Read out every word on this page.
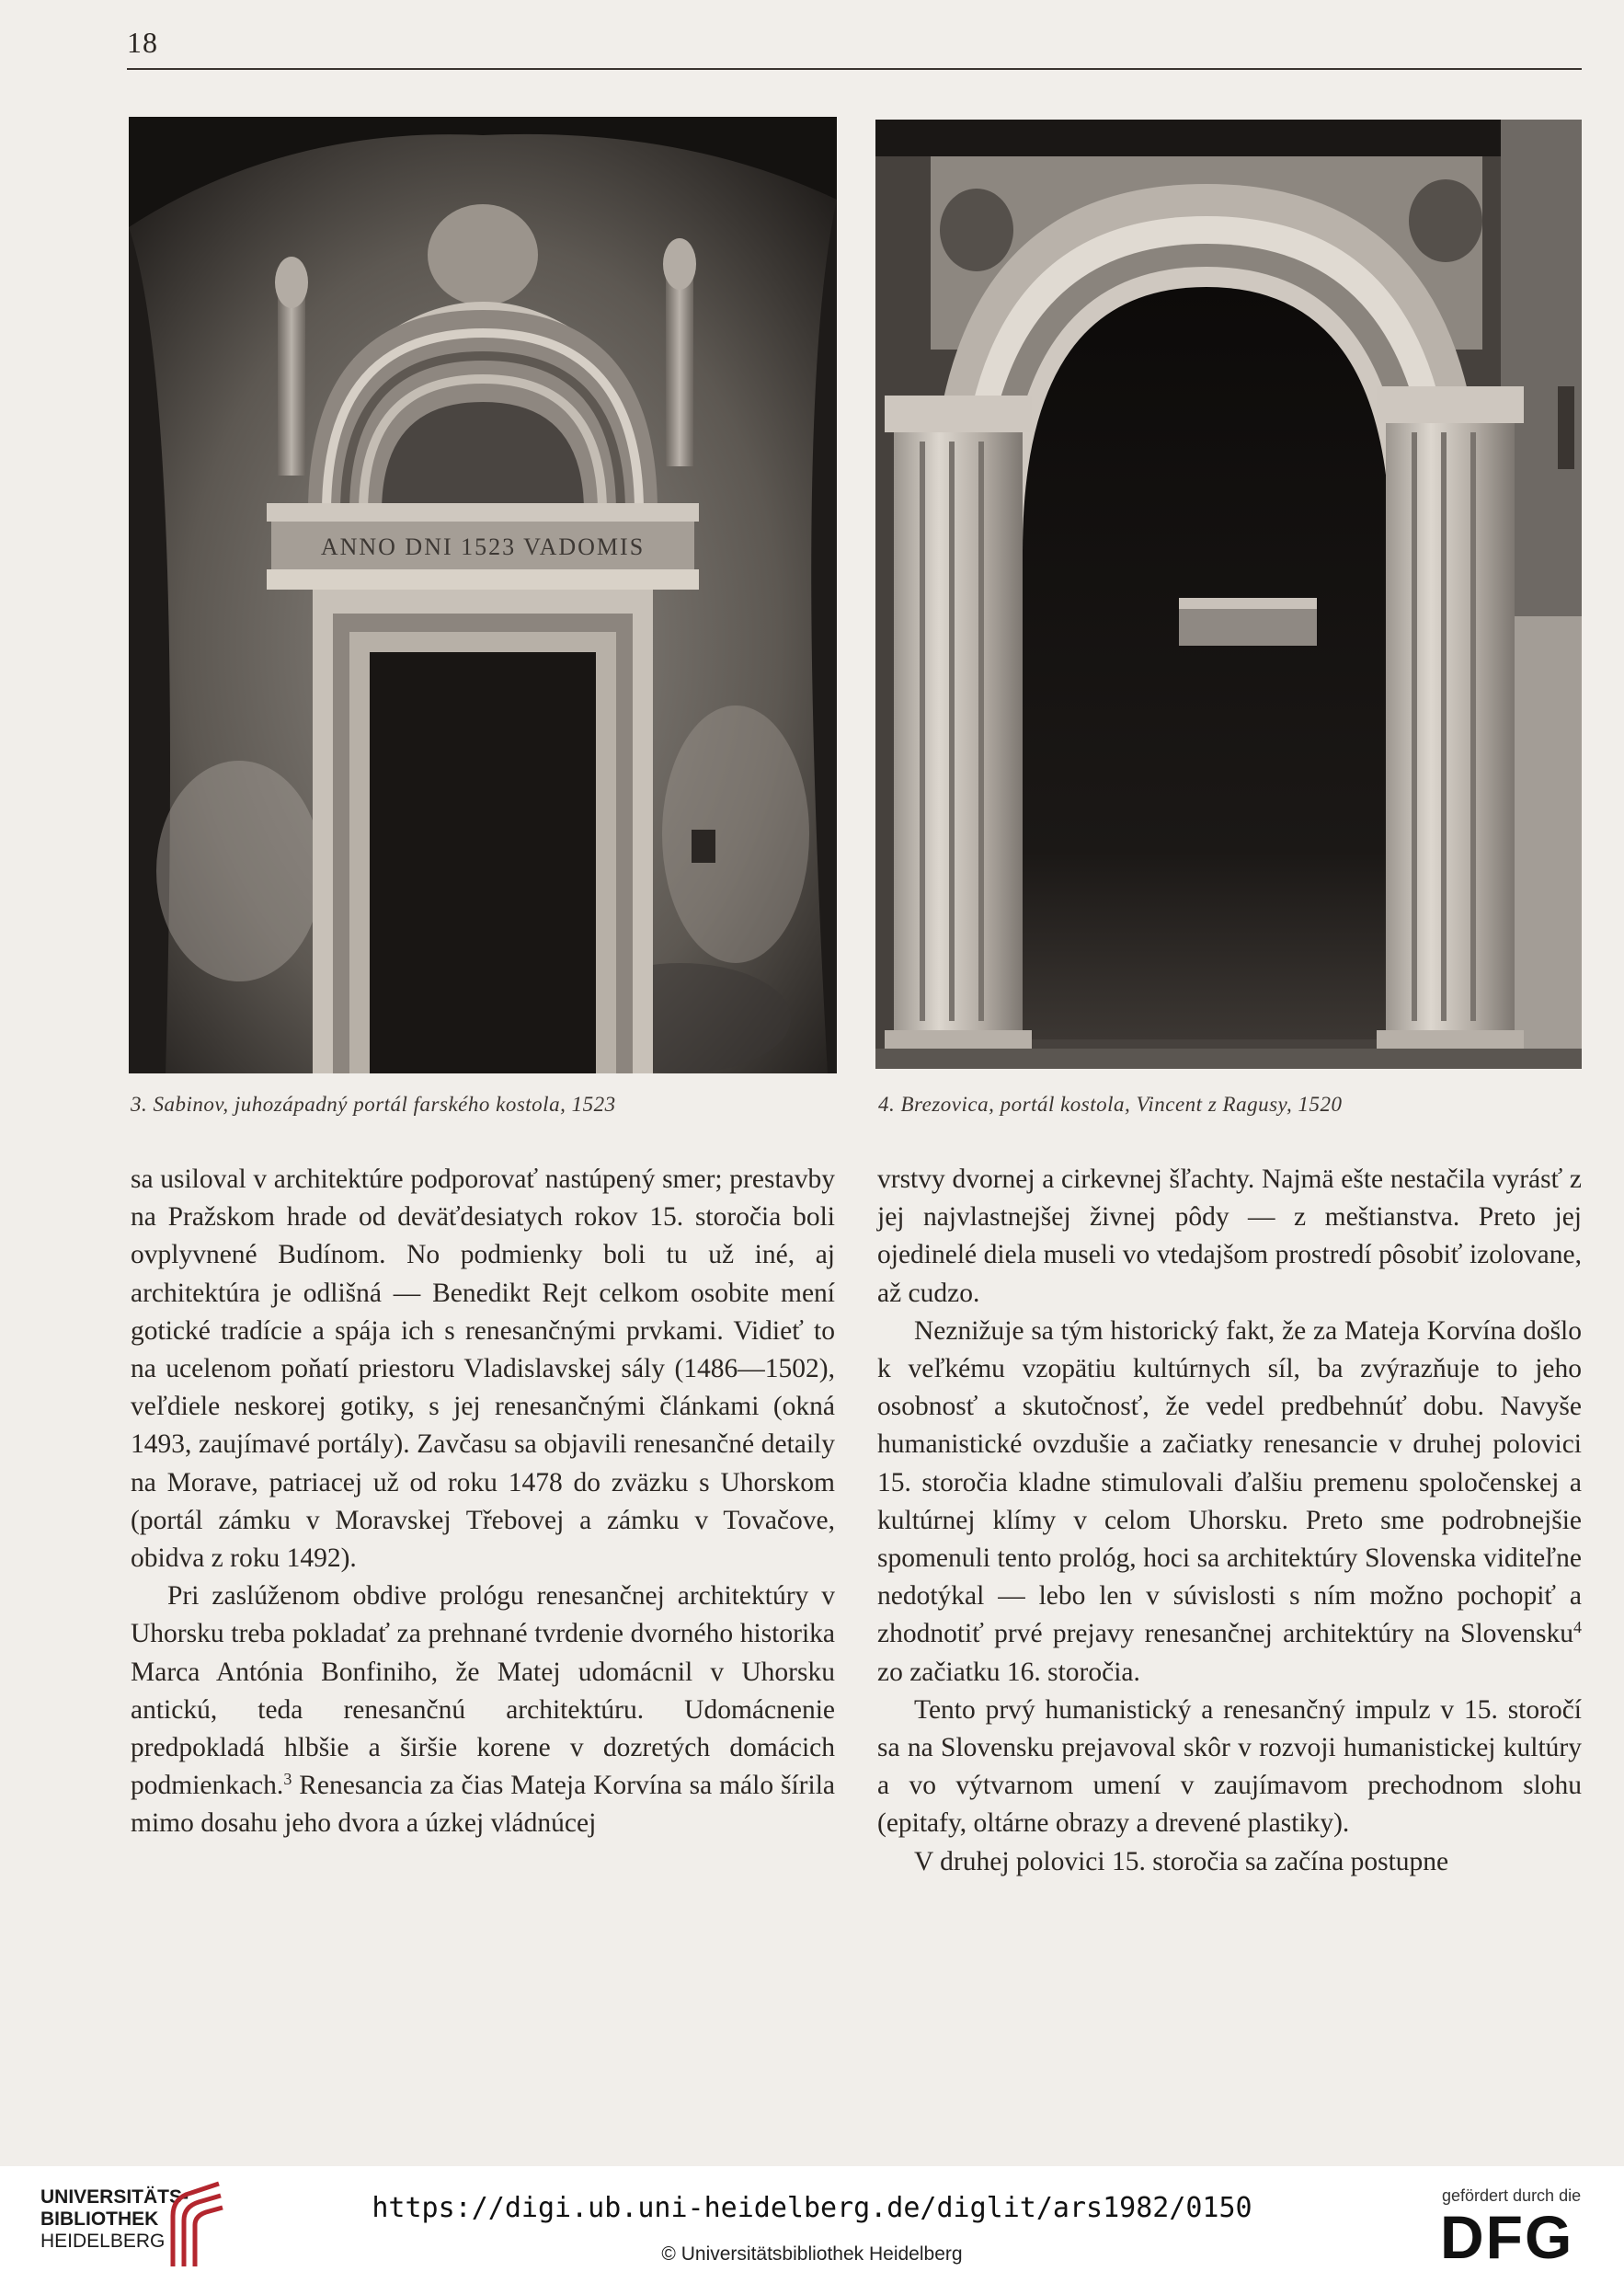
18
ANNO DNI 1523 VADOMIS
3. Sabinov, juhozápadný portál farského kostola, 1523	4. Brezovica, portál kostola, Vincent z Ragusy, 1520

sa usiloval v architektúre podporovať nastúpený smer; prestavby na Pražskom hrade od deväťdesiatych rokov 15. storočia boli ovplyvnené Budínom. No podmienky boli tu už iné, aj architektúra je odlišná — Benedikt Rejt celkom osobite mení gotické tradície a spája ich s renesančnými prvkami. Vidieť to na ucelenom poňatí priestoru Vladislavskej sály (1486—1502), veľdiele neskorej gotiky, s jej renesančnými článkami (okná 1493, zaujímavé portály). Zavčasu sa objavili renesančné detaily na Morave, patriacej už od roku 1478 do zväzku s Uhorskom (portál zámku v Moravskej Třebovej a zámku v Tovačove, obidva z roku 1492).

Pri zaslúženom obdive prológu renesančnej architektúry v Uhorsku treba pokladať za prehnané tvrdenie dvorného historika Marca Antónia Bonfiniho, že Matej udomácnil v Uhorsku antickú, teda renesančnú architektúru. Udomácnenie predpokladá hlbšie a širšie korene v dozretých domácich podmienkach.$^3$ Renesancia za čias Mateja Korvína sa málo šírila mimo dosahu jeho dvora a úzkej vládnúcej

vrstvy dvornej a cirkevnej šľachty. Najmä ešte nestačila vyrásť z jej najvlastnejšej živnej pôdy — z meštianstva. Preto jej ojedinelé diela museli vo vtedajšom prostredí pôsobiť izolovane, až cudzo.

Neznižuje sa tým historický fakt, že za Mateja Korvína došlo k veľkému vzopätiu kultúrnych síl, ba zvýrazňuje to jeho osobnosť a skutočnosť, že vedel predbehnúť dobu. Navyše humanistické ovzdušie a začiatky renesancie v druhej polovici 15. storočia kladne stimulovali ďalšiu premenu spoločenskej a kultúrnej klímy v celom Uhorsku. Preto sme podrobnejšie spomenuli tento prológ, hoci sa architektúry Slovenska viditeľne nedotýkal — lebo len v súvislosti s ním možno pochopiť a zhodnotiť prvé prejavy renesančnej architektúry na Slovensku$^4$ zo začiatku 16. storočia.

Tento prvý humanistický a renesančný impulz v 15. storočí sa na Slovensku prejavoval skôr v rozvoji humanistickej kultúry a vo výtvarnom umení v zaujímavom prechodnom slohu (epitafy, oltárne obrazy a drevené plastiky).

V druhej polovici 15. storočia sa začína postupne

UNIVERSITÄTS-
BIBLIOTHEK
HEIDELBERG
https://digi.ub.uni-heidelberg.de/diglit/ars1982/0150
© Universitätsbibliothek Heidelberg
gefördert durch die
DFG
